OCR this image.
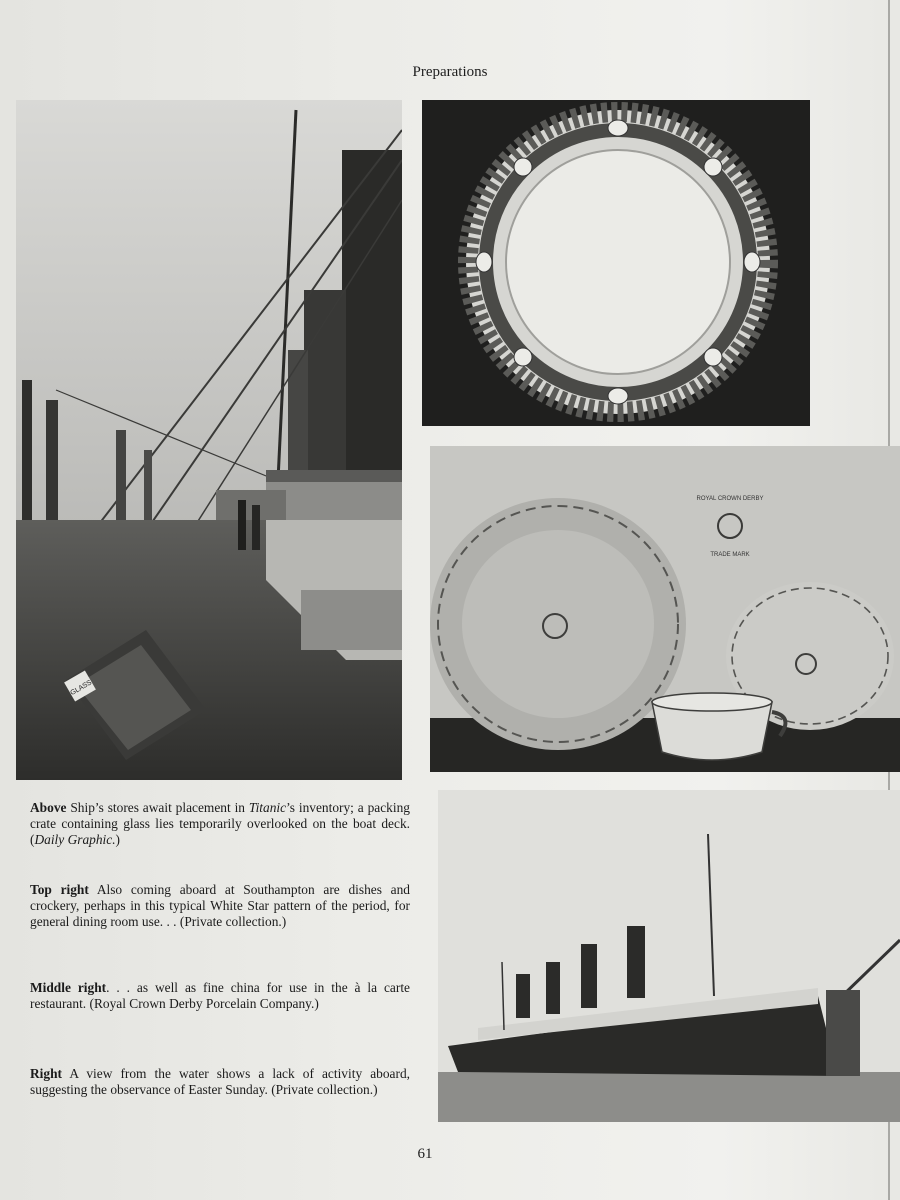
Preparations
GLASS
ROYAL CROWN DERBY
TRADE MARK
Above Ship’s stores await placement in Titanic’s inventory; a packing crate containing glass lies temporarily overlooked on the boat deck. (Daily Graphic.)
Top right Also coming aboard at Southampton are dishes and crockery, perhaps in this typical White Star pattern of the period, for general dining room use. . . (Private collection.)
Middle right. . . as well as fine china for use in the à la carte restaurant. (Royal Crown Derby Porcelain Company.)
Right A view from the water shows a lack of activity aboard, suggesting the observance of Easter Sunday. (Private collection.)
61
